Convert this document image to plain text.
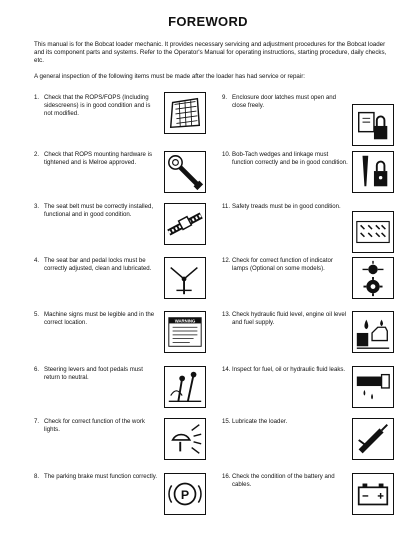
FOREWORD
This manual is for the Bobcat loader mechanic. It provides necessary servicing and adjustment procedures for the Bobcat loader and its component parts and systems. Refer to the Operator's Manual for operating instructions, starting procedure, daily checks, etc.
A general inspection of the following items must be made after the loader has had service or repair:
1. Check that the ROPS/FOPS (Including sidescreens) is in good condition and is not modified.
2. Check that ROPS mounting hardware is tightened and is Melroe approved.
3. The seat belt must be correctly installed, functional and in good condition.
4. The seat bar and pedal locks must be correctly adjusted, clean and lubricated.
5. Machine signs must be legible and in the correct location.	WARNING
6. Steering levers and foot pedals must return to neutral.
7. Check for correct function of the work lights.
8. The parking brake must function correctly.
P
9. Enclosure door latches must open and close freely.
10. Bob-Tach wedges and linkage must function correctly and be in good condition.
11. Safety treads must be in good condition.
12. Check for correct function of indicator lamps (Optional on some models).
13. Check hydraulic fluid level, engine oil level and fuel supply.
14. Inspect for fuel, oil or hydraulic fluid leaks.
15. Lubricate the loader.
16. Check the condition of the battery and cables.
